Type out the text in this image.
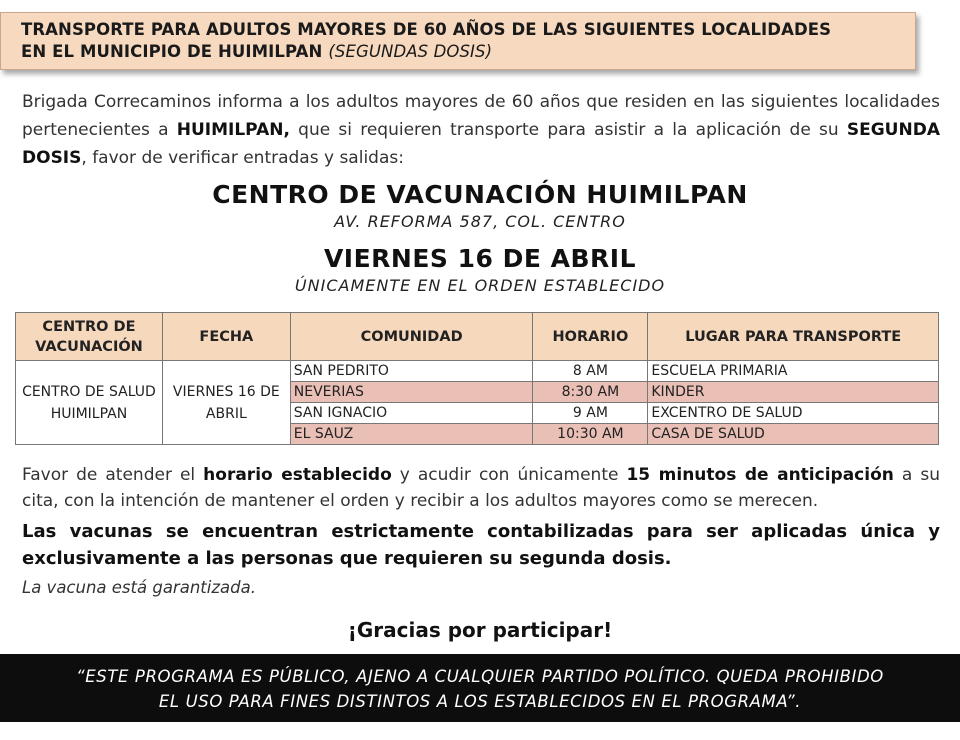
TRANSPORTE PARA ADULTOS MAYORES DE 60 AÑOS DE LAS SIGUIENTES LOCALIDADES
EN EL MUNICIPIO DE HUIMILPAN (SEGUNDAS DOSIS)

Brigada Correcaminos informa a los adultos mayores de 60 años que residen en las siguientes localidades pertenecientes a HUIMILPAN, que si requieren transporte para asistir a la aplicación de su SEGUNDA DOSIS, favor de verificar entradas y salidas:

CENTRO DE VACUNACIÓN HUIMILPAN
AV. REFORMA 587, COL. CENTRO
VIERNES 16 DE ABRIL
ÚNICAMENTE EN EL ORDEN ESTABLECIDO
CENTRO DE VACUNACIÓN	FECHA	COMUNIDAD	HORARIO	LUGAR PARA TRANSPORTE
CENTRO DE SALUD HUIMILPAN	VIERNES 16 DE ABRIL	SAN PEDRITO	8 AM	ESCUELA PRIMARIA
		NEVERIAS	8:30 AM	KINDER
		SAN IGNACIO	9 AM	EXCENTRO DE SALUD
		EL SAUZ	10:30 AM	CASA DE SALUD

Favor de atender el horario establecido y acudir con únicamente 15 minutos de anticipación a su cita, con la intención de mantener el orden y recibir a los adultos mayores como se merecen.

Las vacunas se encuentran estrictamente contabilizadas para ser aplicadas única y exclusivamente a las personas que requieren su segunda dosis.

La vacuna está garantizada.

¡Gracias por participar!
“ESTE PROGRAMA ES PÚBLICO, AJENO A CUALQUIER PARTIDO POLÍTICO. QUEDA PROHIBIDO
EL USO PARA FINES DISTINTOS A LOS ESTABLECIDOS EN EL PROGRAMA”.
